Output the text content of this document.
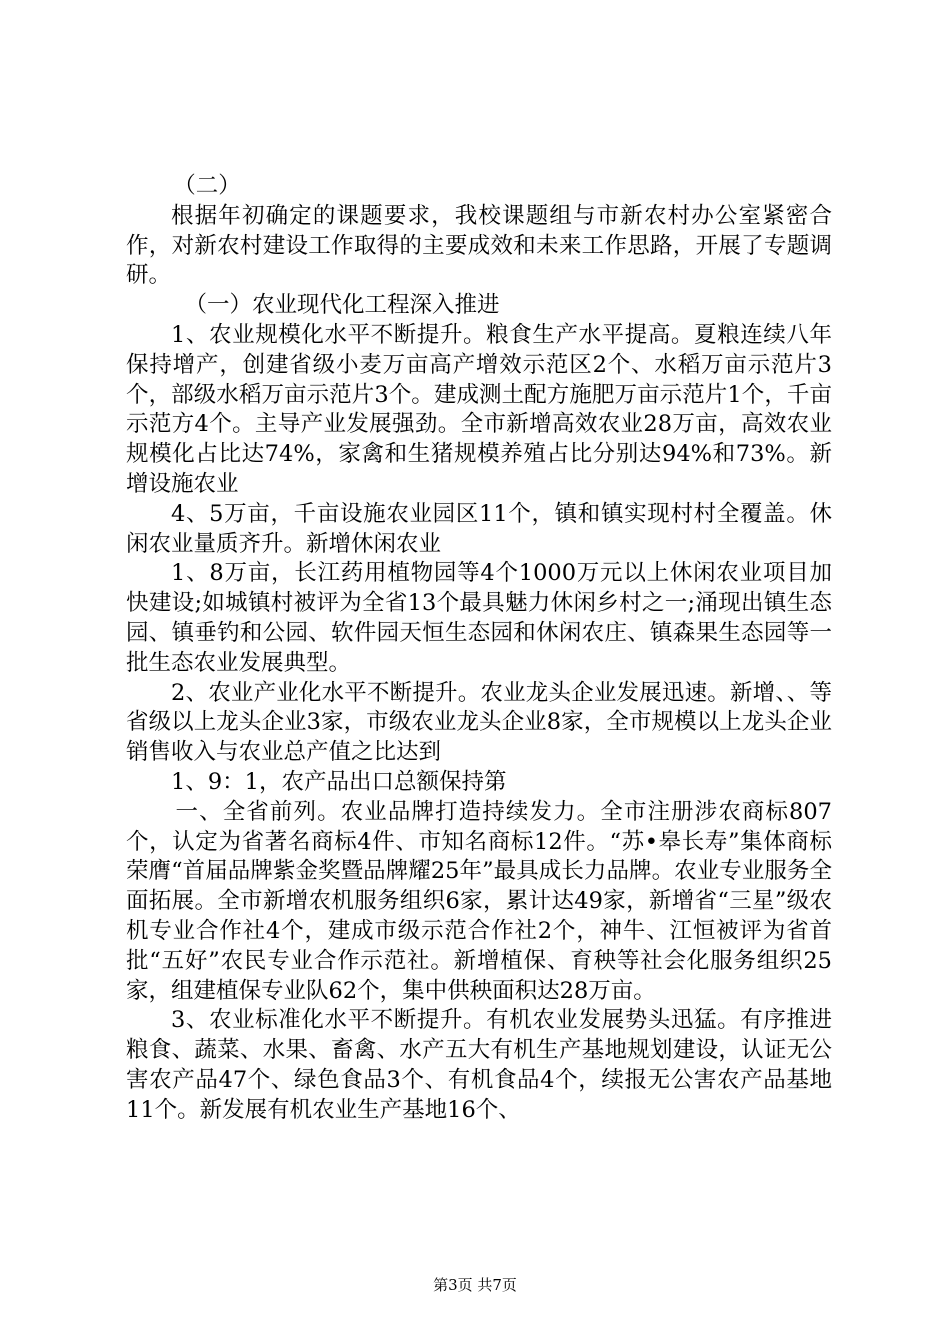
（二）

根据年初确定的课题要求，我校课题组与市新农村办公室紧密合作，对新农村建设工作取得的主要成效和未来工作思路，开展了专题调研。

（一）农业现代化工程深入推进

1、农业规模化水平不断提升。粮食生产水平提高。夏粮连续八年保持增产，创建省级小麦万亩高产增效示范区2个、水稻万亩示范片3个，部级水稻万亩示范片3个。建成测土配方施肥万亩示范片1个，千亩示范方4个。主导产业发展强劲。全市新增高效农业28万亩，高效农业规模化占比达74%，家禽和生猪规模养殖占比分别达94%和73%。新增设施农业

4、5万亩，千亩设施农业园区11个，镇和镇实现村村全覆盖。休闲农业量质齐升。新增休闲农业

1、8万亩，长江药用植物园等4个1000万元以上休闲农业项目加快建设;如城镇村被评为全省13个最具魅力休闲乡村之一;涌现出镇生态园、镇垂钓和公园、软件园天恒生态园和休闲农庄、镇森果生态园等一批生态农业发展典型。

2、农业产业化水平不断提升。农业龙头企业发展迅速。新增、、等省级以上龙头企业3家，市级农业龙头企业8家，全市规模以上龙头企业销售收入与农业总产值之比达到

1、9：1，农产品出口总额保持第

一、全省前列。农业品牌打造持续发力。全市注册涉农商标807个，认定为省著名商标4件、市知名商标12件。“苏•皋长寿”集体商标荣膺“首届品牌紫金奖暨品牌耀25年”最具成长力品牌。农业专业服务全面拓展。全市新增农机服务组织6家，累计达49家，新增省“三星”级农机专业合作社4个，建成市级示范合作社2个，神牛、江恒被评为省首批“五好”农民专业合作示范社。新增植保、育秧等社会化服务组织25家，组建植保专业队62个，集中供秧面积达28万亩。

3、农业标准化水平不断提升。有机农业发展势头迅猛。有序推进粮食、蔬菜、水果、畜禽、水产五大有机生产基地规划建设，认证无公害农产品47个、绿色食品3个、有机食品4个，续报无公害农产品基地11个。新发展有机农业生产基地16个、

第3页 共7页
